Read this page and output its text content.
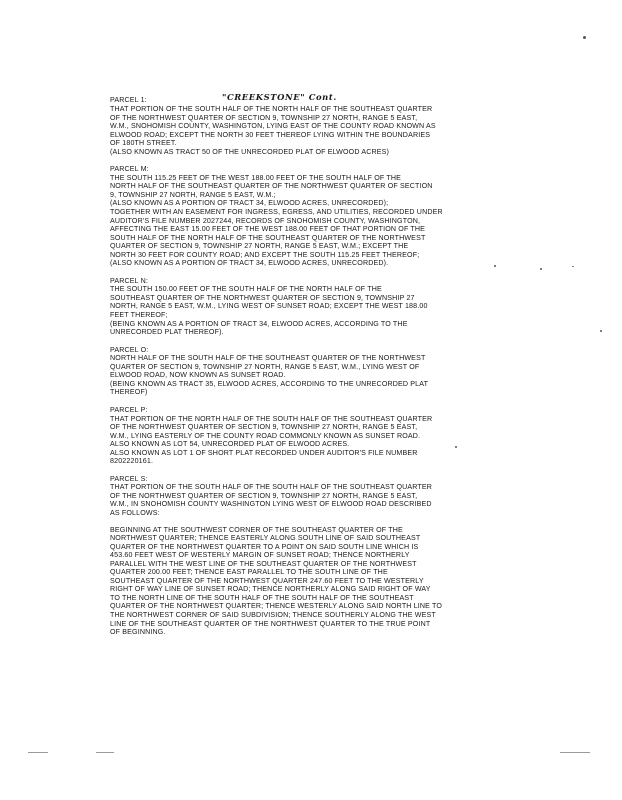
PARCEL 1:	"CREEKSTONE" Cont.
THAT PORTION OF THE SOUTH HALF OF THE NORTH HALF OF THE SOUTHEAST QUARTER
OF THE NORTHWEST QUARTER OF SECTION 9, TOWNSHIP 27 NORTH, RANGE 5 EAST,
W.M., SNOHOMISH COUNTY, WASHINGTON, LYING EAST OF THE COUNTY ROAD KNOWN AS
ELWOOD ROAD; EXCEPT THE NORTH 30 FEET THEREOF LYING WITHIN THE BOUNDARIES
OF 180TH STREET.
(ALSO KNOWN AS TRACT 50 OF THE UNRECORDED PLAT OF ELWOOD ACRES)
PARCEL M:
THE SOUTH 115.25 FEET OF THE WEST 188.00 FEET OF THE SOUTH HALF OF THE
NORTH HALF OF THE SOUTHEAST QUARTER OF THE NORTHWEST QUARTER OF SECTION
9, TOWNSHIP 27 NORTH, RANGE 5 EAST, W.M.;
(ALSO KNOWN AS A PORTION OF TRACT 34, ELWOOD ACRES, UNRECORDED);
TOGETHER WITH AN EASEMENT FOR INGRESS, EGRESS, AND UTILITIES, RECORDED UNDER
AUDITOR'S FILE NUMBER 2027244, RECORDS OF SNOHOMISH COUNTY, WASHINGTON,
AFFECTING THE EAST 15.00 FEET OF THE WEST 188.00 FEET OF THAT PORTION OF THE
SOUTH HALF OF THE NORTH HALF OF THE SOUTHEAST QUARTER OF THE NORTHWEST
QUARTER OF SECTION 9, TOWNSHIP 27 NORTH, RANGE 5 EAST, W.M.; EXCEPT THE
NORTH 30 FEET FOR COUNTY ROAD; AND EXCEPT THE SOUTH 115.25 FEET THEREOF;
(ALSO KNOWN AS A PORTION OF TRACT 34, ELWOOD ACRES, UNRECORDED).
PARCEL N:
THE SOUTH 150.00 FEET OF THE SOUTH HALF OF THE NORTH HALF OF THE
SOUTHEAST QUARTER OF THE NORTHWEST QUARTER OF SECTION 9, TOWNSHIP 27
NORTH, RANGE 5 EAST, W.M., LYING WEST OF SUNSET ROAD; EXCEPT THE WEST 188.00
FEET THEREOF;
(BEING KNOWN AS A PORTION OF TRACT 34, ELWOOD ACRES, ACCORDING TO THE
UNRECORDED PLAT THEREOF).
PARCEL O:
NORTH HALF OF THE SOUTH HALF OF THE SOUTHEAST QUARTER OF THE NORTHWEST
QUARTER OF SECTION 9, TOWNSHIP 27 NORTH, RANGE 5 EAST, W.M., LYING WEST OF
ELWOOD ROAD, NOW KNOWN AS SUNSET ROAD.
(BEING KNOWN AS TRACT 35, ELWOOD ACRES, ACCORDING TO THE UNRECORDED PLAT
THEREOF)
PARCEL P:
THAT PORTION OF THE NORTH HALF OF THE SOUTH HALF OF THE SOUTHEAST QUARTER
OF THE NORTHWEST QUARTER OF SECTION 9, TOWNSHIP 27 NORTH, RANGE 5 EAST,
W.M., LYING EASTERLY OF THE COUNTY ROAD COMMONLY KNOWN AS SUNSET ROAD.
ALSO KNOWN AS LOT 54, UNRECORDED PLAT OF ELWOOD ACRES.
ALSO KNOWN AS LOT 1 OF SHORT PLAT RECORDED UNDER AUDITOR'S FILE NUMBER
8202220161.
PARCEL S:
THAT PORTION OF THE SOUTH HALF OF THE SOUTH HALF OF THE SOUTHEAST QUARTER
OF THE NORTHWEST QUARTER OF SECTION 9, TOWNSHIP 27 NORTH, RANGE 5 EAST,
W.M., IN SNOHOMISH COUNTY WASHINGTON LYING WEST OF ELWOOD ROAD DESCRIBED
AS FOLLOWS:
BEGINNING AT THE SOUTHWEST CORNER OF THE SOUTHEAST QUARTER OF THE
NORTHWEST QUARTER; THENCE EASTERLY ALONG SOUTH LINE OF SAID SOUTHEAST
QUARTER OF THE NORTHWEST QUARTER TO A POINT ON SAID SOUTH LINE WHICH IS
453.60 FEET WEST OF WESTERLY MARGIN OF SUNSET ROAD; THENCE NORTHERLY
PARALLEL WITH THE WEST LINE OF THE SOUTHEAST QUARTER OF THE NORTHWEST
QUARTER 200.00 FEET; THENCE EAST PARALLEL TO THE SOUTH LINE OF THE
SOUTHEAST QUARTER OF THE NORTHWEST QUARTER 247.60 FEET TO THE WESTERLY
RIGHT OF WAY LINE OF SUNSET ROAD; THENCE NORTHERLY ALONG SAID RIGHT OF WAY
TO THE NORTH LINE OF THE SOUTH HALF OF THE SOUTH HALF OF THE SOUTHEAST
QUARTER OF THE NORTHWEST QUARTER; THENCE WESTERLY ALONG SAID NORTH LINE TO
THE NORTHWEST CORNER OF SAID SUBDIVISION; THENCE SOUTHERLY ALONG THE WEST
LINE OF THE SOUTHEAST QUARTER OF THE NORTHWEST QUARTER TO THE TRUE POINT
OF BEGINNING.
